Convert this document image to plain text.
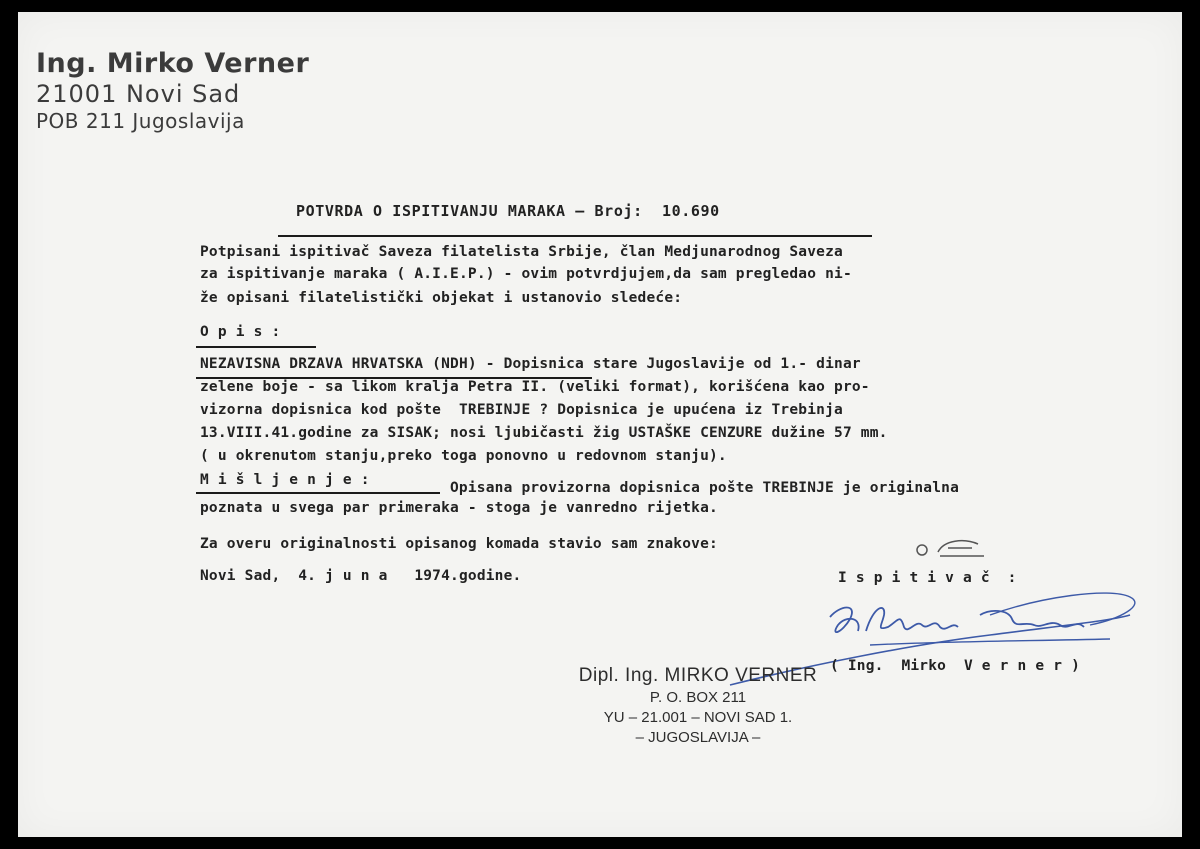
Ing. Mirko Verner
21001 Novi Sad
POB 211 Jugoslavija
POTVRDA O ISPITIVANJU MARAKA – Broj:  10.690
Potpisani ispitivač Saveza filatelista Srbije, član Medjunarodnog Saveza
za ispitivanje maraka ( A.I.E.P.) - ovim potvrdjujem,da sam pregledao ni-
že opisani filatelistički objekat i ustanovio sledeće:
O p i s :
NEZAVISNA DRZAVA HRVATSKA (NDH) - Dopisnica stare Jugoslavije od 1.- dinar
zelene boje - sa likom kralja Petra II. (veliki format), korišćena kao pro-
vizorna dopisnica kod pošte  TREBINJE ? Dopisnica je upućena iz Trebinja
13.VIII.41.godine za SISAK; nosi ljubičasti žig USTAŠKE CENZURE dužine 57 mm.
( u okrenutom stanju,preko toga ponovno u redovnom stanju).
M i š l j e n j e :	Opisana provizorna dopisnica pošte TREBINJE je originalna
poznata u svega par primeraka - stoga je vanredno rijetka.
Za overu originalnosti opisanog komada stavio sam znakove:
Novi Sad,  4. j u n a   1974.godine.	I s p i t i v a č  :
( Ing.  Mirko  V e r n e r )
Dipl. Ing. MIRKO VERNER
P. O. BOX 211
YU – 21.001 – NOVI SAD 1.
– JUGOSLAVIJA –
